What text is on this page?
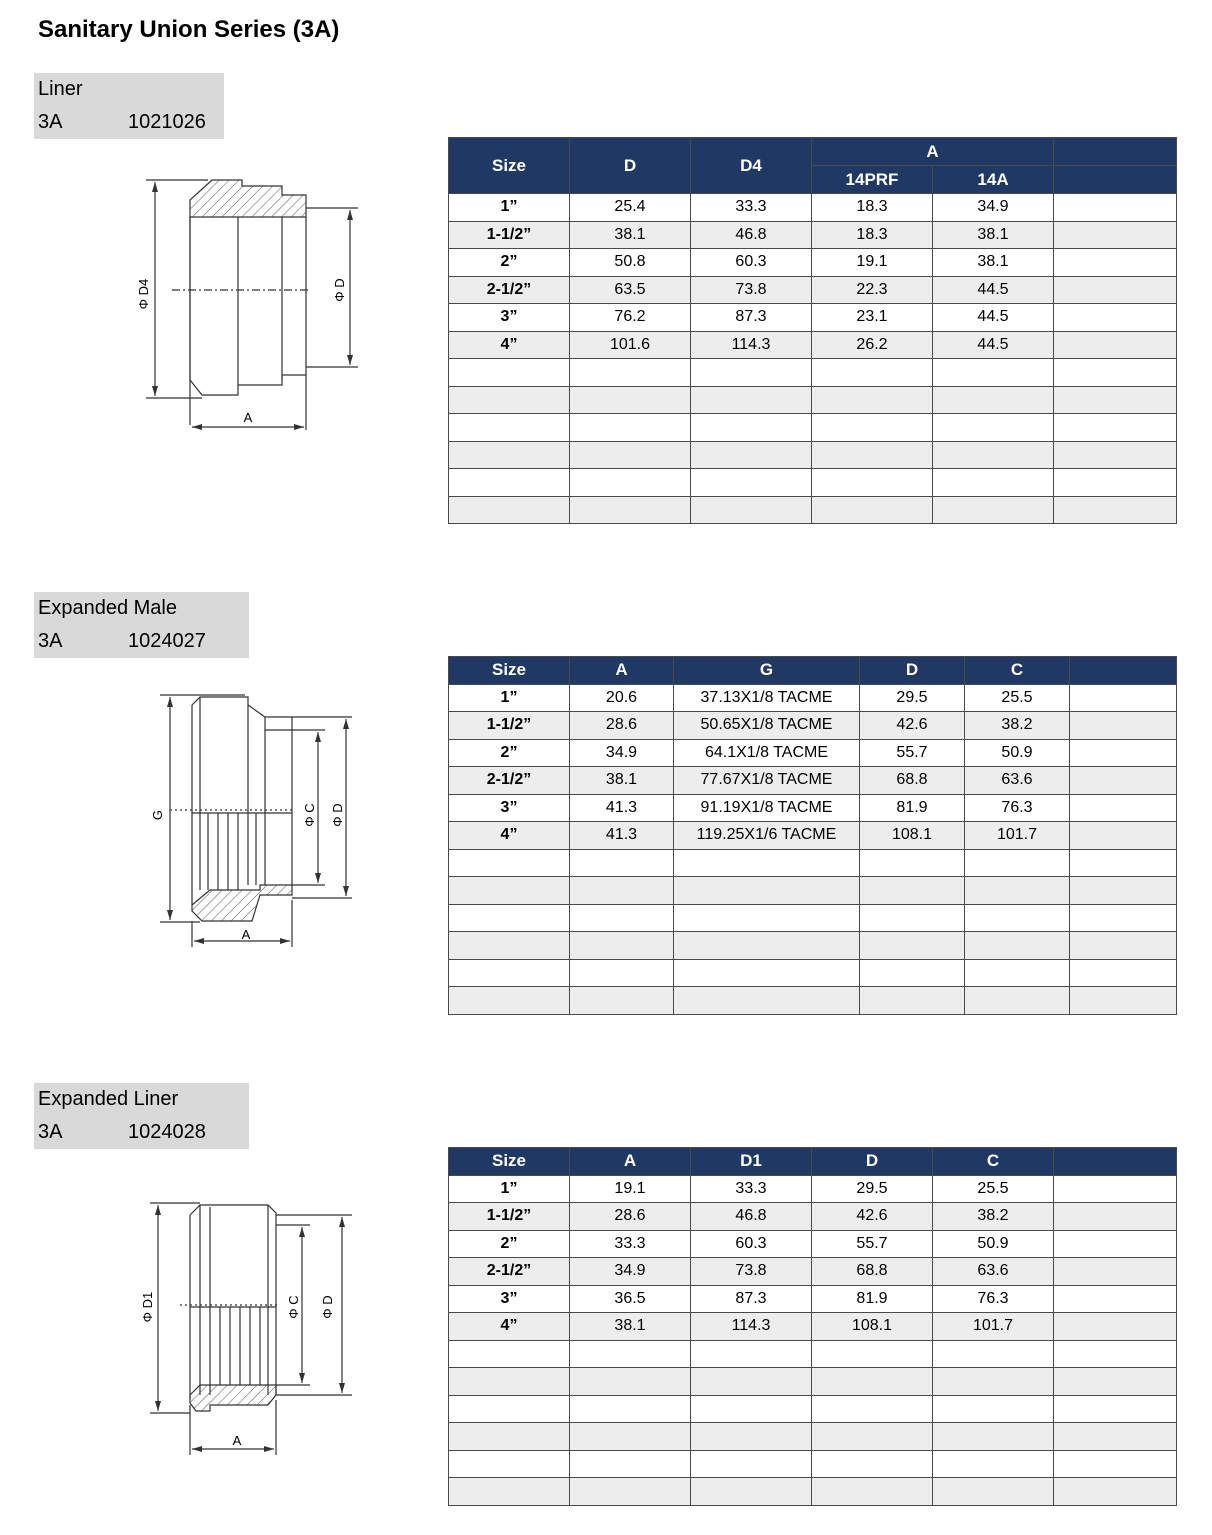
Sanitary Union Series (3A)
Liner
3A	1021026
Φ D4	Φ D
A
Size	D	D4	A		
			14PRF	14A	
1”	25.4	33.3	18.3	34.9	
1-1/2”	38.1	46.8	18.3	38.1	
2”	50.8	60.3	19.1	38.1	
2-1/2”	63.5	73.8	22.3	44.5	
3”	76.2	87.3	23.1	44.5	
4”	101.6	114.3	26.2	44.5	

Expanded Male
3A	1024027
G	Φ C Φ D
A
Size	A	G	D	C	
1”	20.6	37.13X1/8 TACME	29.5	25.5	
1-1/2”	28.6	50.65X1/8 TACME	42.6	38.2	
2”	34.9	64.1X1/8 TACME	55.7	50.9	
2-1/2”	38.1	77.67X1/8 TACME	68.8	63.6	
3”	41.3	91.19X1/8 TACME	81.9	76.3	
4”	41.3	119.25X1/6 TACME	108.1	101.7	

Expanded Liner
3A	1024028
Φ D1	Φ C Φ D
A
Size	A	D1	D	C	
1”	19.1	33.3	29.5	25.5	
1-1/2”	28.6	46.8	42.6	38.2	
2”	33.3	60.3	55.7	50.9	
2-1/2”	34.9	73.8	68.8	63.6	
3”	36.5	87.3	81.9	76.3	
4”	38.1	114.3	108.1	101.7	
